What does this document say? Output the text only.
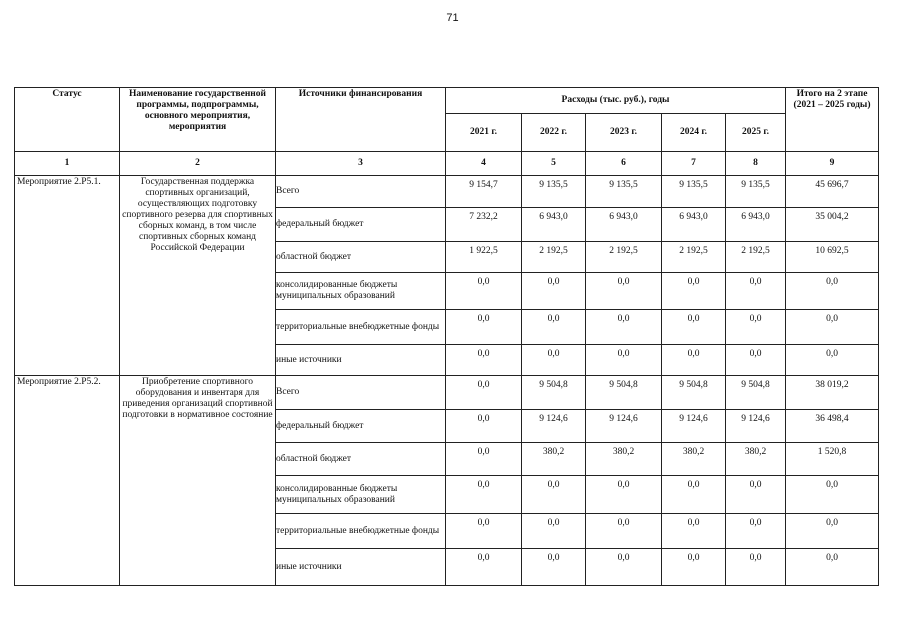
71
Статус	Наименование государственной программы, подпрограммы, основного мероприятия, мероприятия	Источники финансирования	Расходы (тыс. руб.), годы					Итого на 2 этапе (2021 – 2025 годы)
			2021 г.	2022 г.	2023 г.	2024 г.	2025 г.	
1	2	3	4	5	6	7	8	9
Мероприятие 2.P5.1.	Государственная поддержка спортивных организаций, осуществляющих подготовку спортивного резерва для спортивных сборных команд, в том числе спортивных сборных команд Российской Федерации	Всего	9 154,7	9 135,5	9 135,5	9 135,5	9 135,5	45 696,7
		федеральный бюджет	7 232,2	6 943,0	6 943,0	6 943,0	6 943,0	35 004,2
		областной бюджет	1 922,5	2 192,5	2 192,5	2 192,5	2 192,5	10 692,5
		консолидированные бюджеты муниципальных образований	0,0	0,0	0,0	0,0	0,0	0,0
		территориальные внебюджетные фонды	0,0	0,0	0,0	0,0	0,0	0,0
		иные источники	0,0	0,0	0,0	0,0	0,0	0,0
Мероприятие 2.P5.2.	Приобретение спортивного оборудования и инвентаря для приведения организаций спортивной подготовки в нормативное состояние	Всего	0,0	9 504,8	9 504,8	9 504,8	9 504,8	38 019,2
		федеральный бюджет	0,0	9 124,6	9 124,6	9 124,6	9 124,6	36 498,4
		областной бюджет	0,0	380,2	380,2	380,2	380,2	1 520,8
		консолидированные бюджеты муниципальных образований	0,0	0,0	0,0	0,0	0,0	0,0
		территориальные внебюджетные фонды	0,0	0,0	0,0	0,0	0,0	0,0
		иные источники	0,0	0,0	0,0	0,0	0,0	0,0
